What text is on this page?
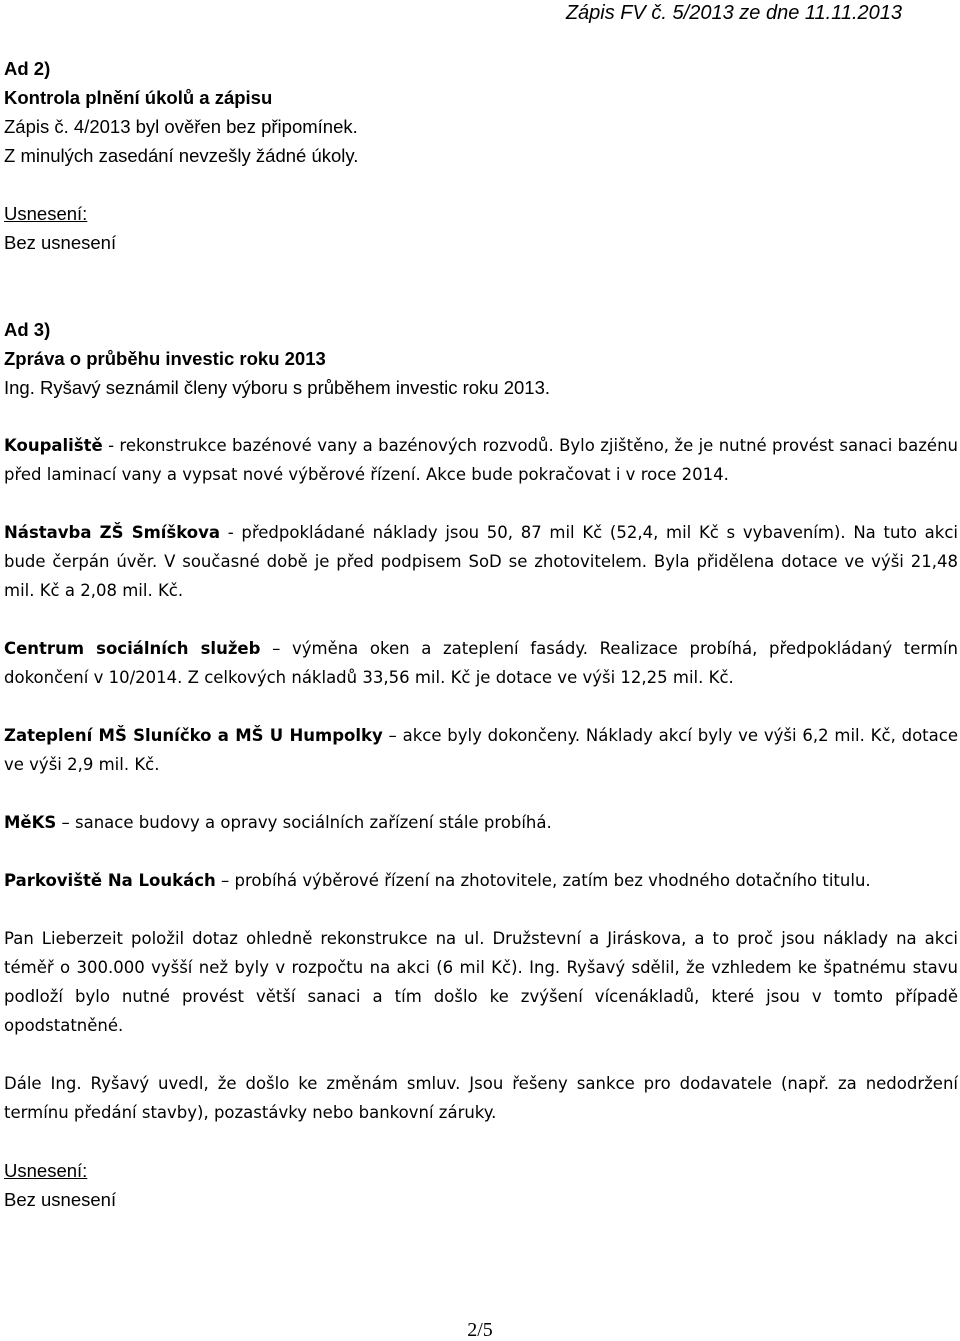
Zápis FV č. 5/2013 ze dne 11.11.2013

Ad 2)

Kontrola plnění úkolů a zápisu

Zápis č. 4/2013 byl ověřen bez připomínek.

Z minulých zasedání nevzešly žádné úkoly.

Usnesení:

Bez usnesení

Ad 3)

Zpráva o průběhu investic roku 2013

Ing. Ryšavý seznámil členy výboru s průběhem investic roku 2013.

Koupaliště - rekonstrukce bazénové vany a bazénových rozvodů. Bylo zjištěno, že je nutné provést sanaci bazénu před laminací vany a vypsat nové výběrové řízení. Akce bude pokračovat i v roce 2014.

Nástavba ZŠ Smíškova - předpokládané náklady jsou 50, 87 mil Kč (52,4, mil Kč s vybavením). Na tuto akci bude čerpán úvěr. V současné době je před podpisem SoD se zhotovitelem. Byla přidělena dotace ve výši 21,48 mil. Kč a 2,08 mil. Kč.

Centrum sociálních služeb – výměna oken a zateplení fasády. Realizace probíhá, předpokládaný termín dokončení v 10/2014. Z celkových nákladů 33,56 mil. Kč je dotace ve výši 12,25 mil. Kč.

Zateplení MŠ Sluníčko a MŠ U Humpolky – akce byly dokončeny. Náklady akcí byly ve výši 6,2 mil. Kč, dotace ve výši 2,9 mil. Kč.

MěKS – sanace budovy a opravy sociálních zařízení stále probíhá.

Parkoviště Na Loukách – probíhá výběrové řízení na zhotovitele, zatím bez vhodného dotačního titulu.

Pan Lieberzeit položil dotaz ohledně rekonstrukce na ul. Družstevní a Jiráskova, a to proč jsou náklady na akci téměř o 300.000 vyšší než byly v rozpočtu na akci (6 mil Kč). Ing. Ryšavý sdělil, že vzhledem ke špatnému stavu podloží bylo nutné provést větší sanaci a tím došlo ke zvýšení vícenákladů, které jsou v tomto případě opodstatněné.

Dále Ing. Ryšavý uvedl, že došlo ke změnám smluv. Jsou řešeny sankce pro dodavatele (např. za nedodržení termínu předání stavby), pozastávky nebo bankovní záruky.

Usnesení:

Bez usnesení

2/5
